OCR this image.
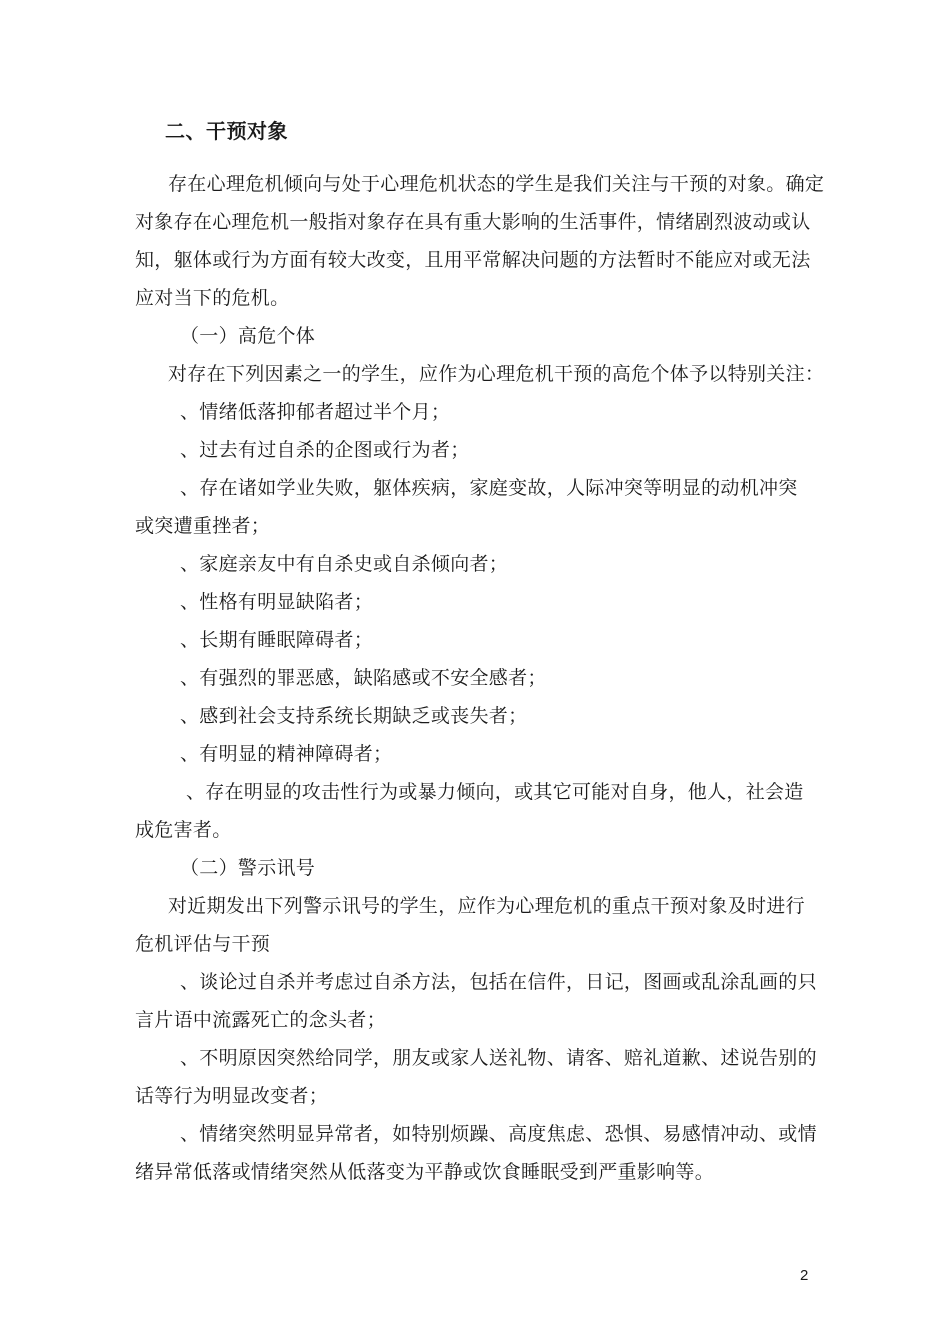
二、干预对象
存在心理危机倾向与处于心理危机状态的学生是我们关注与干预的对象。确定
对象存在心理危机一般指对象存在具有重大影响的生活事件，情绪剧烈波动或认
知，躯体或行为方面有较大改变，且用平常解决问题的方法暂时不能应对或无法
应对当下的危机。
（一）高危个体
对存在下列因素之一的学生，应作为心理危机干预的高危个体予以特别关注：
、情绪低落抑郁者超过半个月；
、过去有过自杀的企图或行为者；
、存在诸如学业失败，躯体疾病，家庭变故，人际冲突等明显的动机冲突
或突遭重挫者；
、家庭亲友中有自杀史或自杀倾向者；
、性格有明显缺陷者；
、长期有睡眠障碍者；
、有强烈的罪恶感，缺陷感或不安全感者；
、感到社会支持系统长期缺乏或丧失者；
、有明显的精神障碍者；
、存在明显的攻击性行为或暴力倾向，或其它可能对自身，他人，社会造
成危害者。
（二）警示讯号
对近期发出下列警示讯号的学生，应作为心理危机的重点干预对象及时进行
危机评估与干预
、谈论过自杀并考虑过自杀方法，包括在信件，日记，图画或乱涂乱画的只
言片语中流露死亡的念头者；
、不明原因突然给同学，朋友或家人送礼物、请客、赔礼道歉、述说告别的
话等行为明显改变者；
、情绪突然明显异常者，如特别烦躁、高度焦虑、恐惧、易感情冲动、或情
绪异常低落或情绪突然从低落变为平静或饮食睡眠受到严重影响等。
2
